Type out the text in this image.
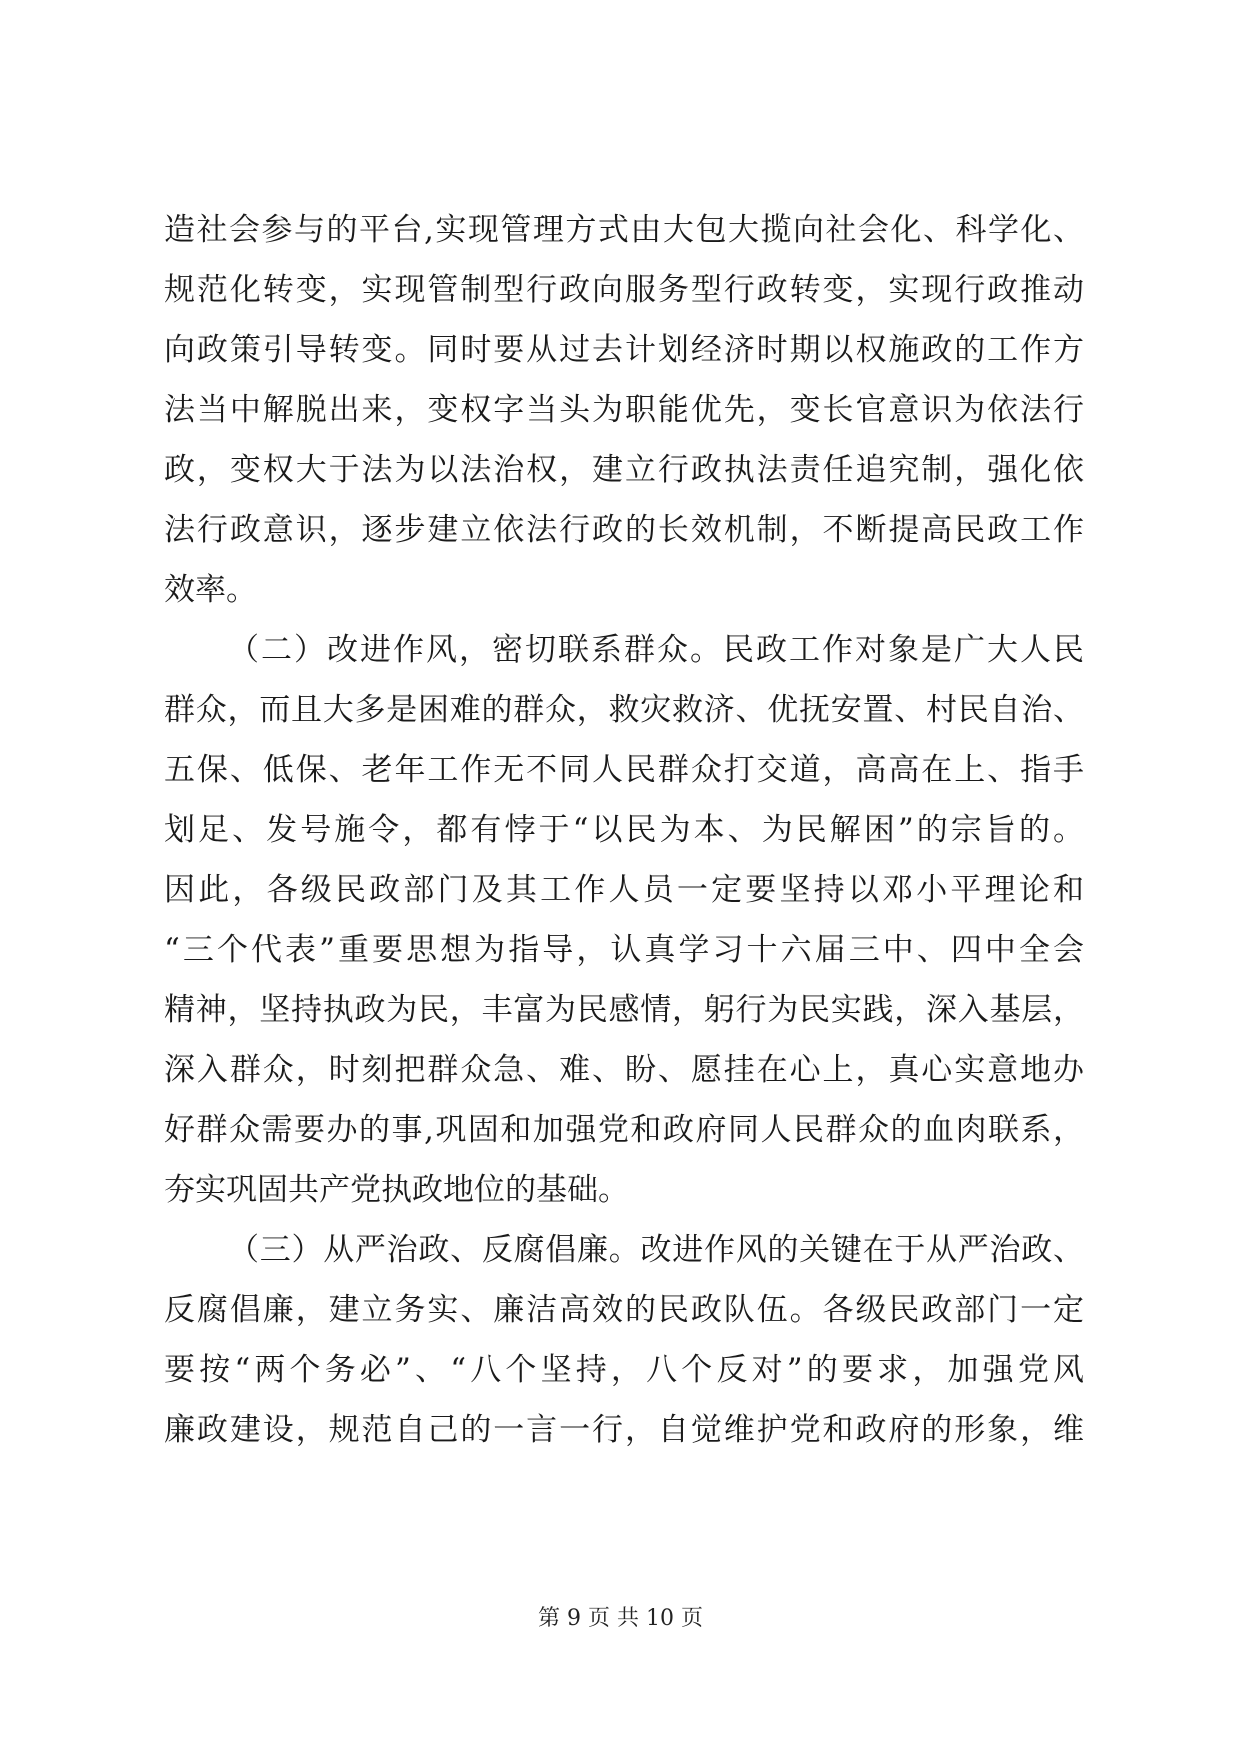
造社会参与的平台,实现管理方式由大包大揽向社会化、科学化、
规范化转变，实现管制型行政向服务型行政转变，实现行政推动
向政策引导转变。同时要从过去计划经济时期以权施政的工作方
法当中解脱出来，变权字当头为职能优先，变长官意识为依法行
政，变权大于法为以法治权，建立行政执法责任追究制，强化依
法行政意识，逐步建立依法行政的长效机制，不断提高民政工作
效率。
（二）改进作风，密切联系群众。民政工作对象是广大人民
群众，而且大多是困难的群众，救灾救济、优抚安置、村民自治、
五保、低保、老年工作无不同人民群众打交道，高高在上、指手
划足、发号施令，都有悖于“以民为本、为民解困”的宗旨的。
因此，各级民政部门及其工作人员一定要坚持以邓小平理论和
“三个代表”重要思想为指导，认真学习十六届三中、四中全会
精神，坚持执政为民，丰富为民感情，躬行为民实践，深入基层，
深入群众，时刻把群众急、难、盼、愿挂在心上，真心实意地办
好群众需要办的事,巩固和加强党和政府同人民群众的血肉联系，
夯实巩固共产党执政地位的基础。
（三）从严治政、反腐倡廉。改进作风的关键在于从严治政、
反腐倡廉，建立务实、廉洁高效的民政队伍。各级民政部门一定
要按“两个务必”、“八个坚持，八个反对”的要求，加强党风
廉政建设，规范自己的一言一行，自觉维护党和政府的形象，维
第 9 页 共 10 页
